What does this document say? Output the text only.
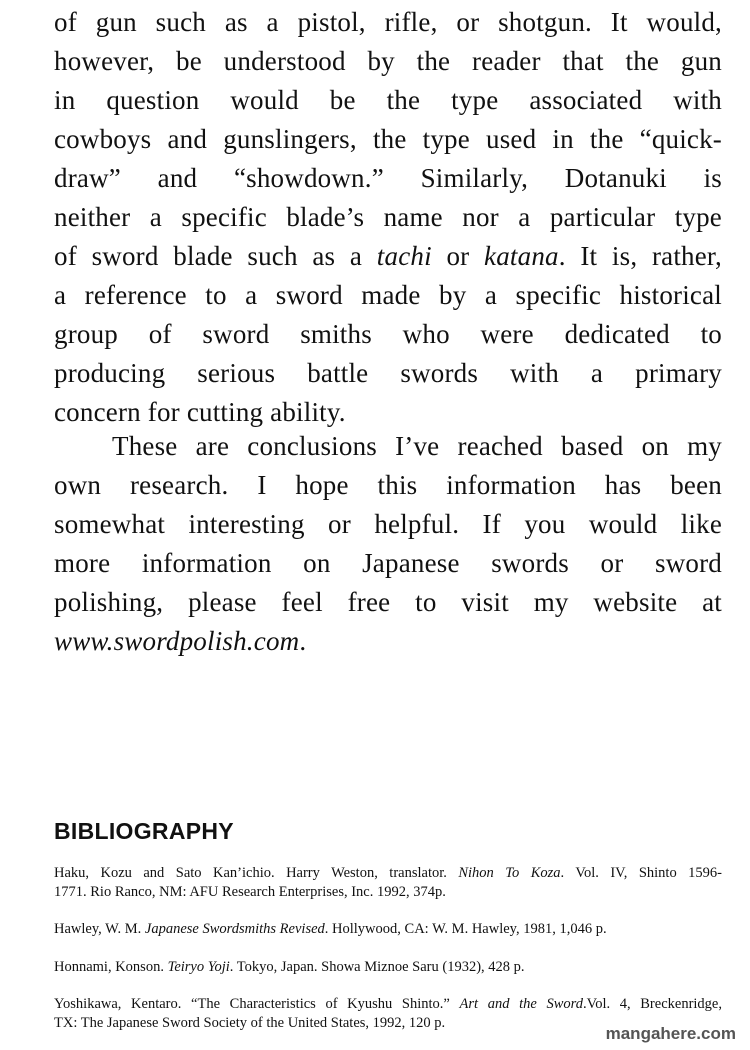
of gun such as a pistol, rifle, or shotgun. It would,
however, be understood by the reader that the gun
in question would be the type associated with
cowboys and gunslingers, the type used in the “quick-
draw” and “showdown.” Similarly, Dotanuki is
neither a specific blade’s name nor a particular type
of sword blade such as a tachi or katana. It is, rather,
a reference to a sword made by a specific historical
group of sword smiths who were dedicated to
producing serious battle swords with a primary
concern for cutting ability.
These are conclusions I’ve reached based on my
own research. I hope this information has been
somewhat interesting or helpful. If you would like
more information on Japanese swords or sword
polishing, please feel free to visit my website at
www.swordpolish.com.
BIBLIOGRAPHY
Haku, Kozu and Sato Kan’ichio. Harry Weston, translator. Nihon To Koza. Vol. IV, Shinto 1596-
1771. Rio Ranco, NM: AFU Research Enterprises, Inc. 1992, 374p.
Hawley, W. M. Japanese Swordsmiths Revised. Hollywood, CA: W. M. Hawley, 1981, 1,046 p.
Honnami, Konson. Teiryo Yoji. Tokyo, Japan. Showa Miznoe Saru (1932), 428 p.
Yoshikawa, Kentaro. “The Characteristics of Kyushu Shinto.” Art and the Sword.Vol. 4, Breckenridge,
TX: The Japanese Sword Society of the United States, 1992, 120 p.
mangahere.com
